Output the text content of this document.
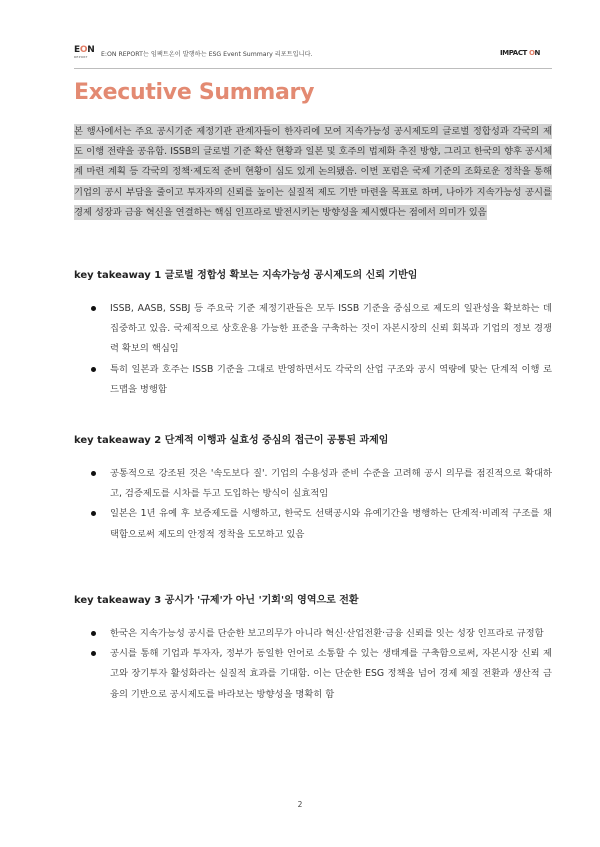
EON
REPORT	E:ON REPORT는 임팩트온이 발행하는 ESG Event Summary 리포트입니다.	IMPACT ON
Executive Summary
본 행사에서는 주요 공시기준 제정기관 관계자들이 한자리에 모여 지속가능성 공시제도의 글로벌 정합성과 각국의 제도 이행 전략을 공유함. ISSB의 글로벌 기준 확산 현황과 일본 및 호주의 법제화 추진 방향, 그리고 한국의 향후 공시체계 마련 계획 등 각국의 정책·제도적 준비 현황이 심도 있게 논의됐음. 이번 포럼은 국제 기준의 조화로운 정착을 통해 기업의 공시 부담을 줄이고 투자자의 신뢰를 높이는 실질적 제도 기반 마련을 목표로 하며, 나아가 지속가능성 공시를 경제 성장과 금융 혁신을 연결하는 핵심 인프라로 발전시키는 방향성을 제시했다는 점에서 의미가 있음
key takeaway 1 글로벌 정합성 확보는 지속가능성 공시제도의 신뢰 기반임
ISSB, AASB, SSBJ 등 주요국 기준 제정기관들은 모두 ISSB 기준을 중심으로 제도의 일관성을 확보하는 데 집중하고 있음. 국제적으로 상호운용 가능한 표준을 구축하는 것이 자본시장의 신뢰 회복과 기업의 정보 경쟁력 확보의 핵심임
특히 일본과 호주는 ISSB 기준을 그대로 반영하면서도 각국의 산업 구조와 공시 역량에 맞는 단계적 이행 로드맵을 병행함
key takeaway 2 단계적 이행과 실효성 중심의 접근이 공통된 과제임
공통적으로 강조된 것은 '속도보다 질'. 기업의 수용성과 준비 수준을 고려해 공시 의무를 점진적으로 확대하고, 검증제도를 시차를 두고 도입하는 방식이 실효적임
일본은 1년 유예 후 보증제도를 시행하고, 한국도 선택공시와 유예기간을 병행하는 단계적·비례적 구조를 채택함으로써 제도의 안정적 정착을 도모하고 있음
key takeaway 3 공시가 '규제'가 아닌 '기회'의 영역으로 전환
한국은 지속가능성 공시를 단순한 보고의무가 아니라 혁신·산업전환·금융 신뢰를 잇는 성장 인프라로 규정함
공시를 통해 기업과 투자자, 정부가 동일한 언어로 소통할 수 있는 생태계를 구축함으로써, 자본시장 신뢰 제고와 장기투자 활성화라는 실질적 효과를 기대함. 이는 단순한 ESG 정책을 넘어 경제 체질 전환과 생산적 금융의 기반으로 공시제도를 바라보는 방향성을 명확히 함
2
